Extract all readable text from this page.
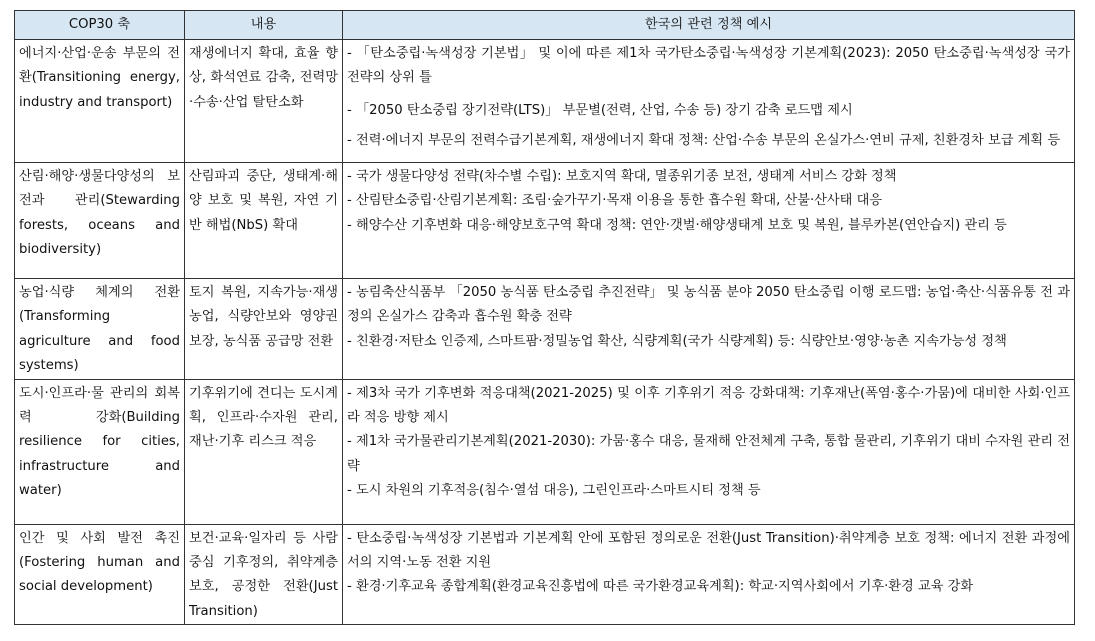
COP30 축	내용	한국의 관련 정책 예시
에너지·산업·운송 부문의 전환(Transitioning energy, industry and transport)	재생에너지 확대, 효율 향상, 화석연료 감축, 전력망·수송·산업 탈탄소화	- 「탄소중립·녹색성장 기본법」 및 이에 따른 제1차 국가탄소중립·녹색성장 기본계획(2023): 2050 탄소중립·녹색성장 국가 전략의 상위 틀

- 「2050 탄소중립 장기전략(LTS)」 부문별(전력, 산업, 수송 등) 장기 감축 로드맵 제시

- 전력·에너지 부문의 전력수급기본계획, 재생에너지 확대 정책: 산업·수송 부문의 온실가스·연비 규제, 친환경차 보급 계획 등

산림·해양·생물다양성의 보전과 관리(Stewarding forests, oceans and biodiversity)	산림파괴 중단, 생태계·해양 보호 및 복원, 자연 기반 해법(NbS) 확대	- 국가 생물다양성 전략(차수별 수립): 보호지역 확대, 멸종위기종 보전, 생태계 서비스 강화 정책

- 산림탄소중립·산림기본계획: 조림·숲가꾸기·목재 이용을 통한 흡수원 확대, 산불·산사태 대응

- 해양수산 기후변화 대응·해양보호구역 확대 정책: 연안·갯벌·해양생태계 보호 및 복원, 블루카본(연안습지) 관리 등

농업·식량 체계의 전환(Transforming agriculture and food systems)	토지 복원, 지속가능·재생 농업, 식량안보와 영양권 보장, 농식품 공급망 전환	- 농림축산식품부 「2050 농식품 탄소중립 추진전략」 및 농식품 분야 2050 탄소중립 이행 로드맵: 농업·축산·식품유통 전 과정의 온실가스 감축과 흡수원 확충 전략

- 친환경·저탄소 인증제, 스마트팜·정밀농업 확산, 식량계획(국가 식량계획) 등: 식량안보·영양·농촌 지속가능성 정책

도시·인프라·물 관리의 회복력 강화(Building resilience for cities, infrastructure and water)	기후위기에 견디는 도시계획, 인프라·수자원 관리, 재난·기후 리스크 적응	- 제3차 국가 기후변화 적응대책(2021-2025) 및 이후 기후위기 적응 강화대책: 기후재난(폭염·홍수·가뭄)에 대비한 사회·인프라 적응 방향 제시

- 제1차 국가물관리기본계획(2021-2030): 가뭄·홍수 대응, 물재해 안전체계 구축, 통합 물관리, 기후위기 대비 수자원 관리 전략

- 도시 차원의 기후적응(침수·열섬 대응), 그린인프라·스마트시티 정책 등

인간 및 사회 발전 촉진 (Fostering human and social development)	보건·교육·일자리 등 사람 중심 기후정의, 취약계층 보호, 공정한 전환(Just Transition)	- 탄소중립·녹색성장 기본법과 기본계획 안에 포함된 정의로운 전환(Just Transition)·취약계층 보호 정책: 에너지 전환 과정에서의 지역·노동 전환 지원

- 환경·기후교육 종합계획(환경교육진흥법에 따른 국가환경교육계획): 학교·지역사회에서 기후·환경 교육 강화
